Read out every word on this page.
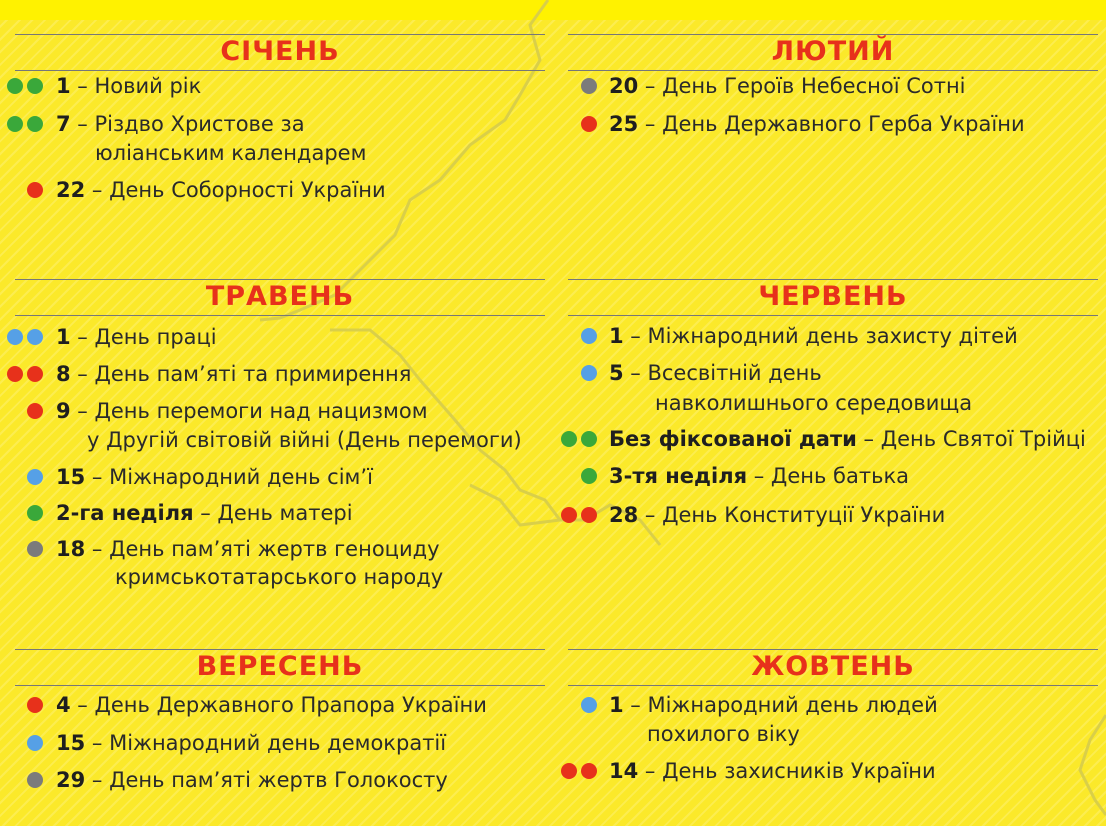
СІЧЕНЬ
1 – Новий рік
7 – Різдво Христове за
юліанським календарем
22 – День Соборності України
ЛЮТИЙ
20 – День Героїв Небесної Сотні
25 – День Державного Герба України
ТРАВЕНЬ
1 – День праці
8 – День пам’яті та примирення
9 – День перемоги над нацизмом
у Другій світовій війні (День перемоги)
15 – Міжнародний день сім’ї
2-га неділя – День матері
18 – День пам’яті жертв геноциду
кримськотатарського народу
ЧЕРВЕНЬ
1 – Міжнародний день захисту дітей
5 – Всесвітній день
навколишнього середовища
Без фіксованої дати – День Святої Трійці
3-тя неділя – День батька
28 – День Конституції України
ВЕРЕСЕНЬ
4 – День Державного Прапора України
15 – Міжнародний день демократії
29 – День пам’яті жертв Голокосту
ЖОВТЕНЬ
1 – Міжнародний день людей
похилого віку
14 – День захисників України
